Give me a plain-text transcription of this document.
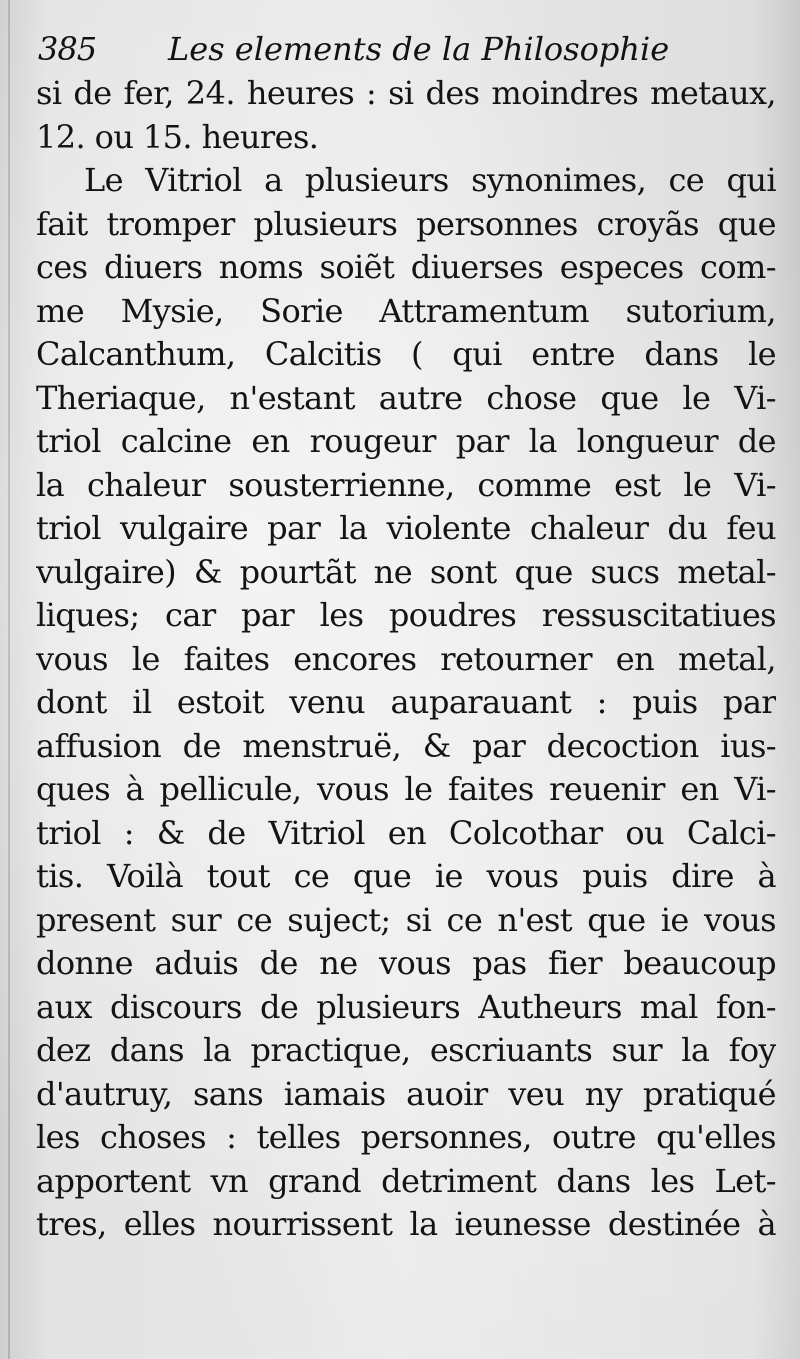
385 Les elements de la Philosophie
si de fer, 24. heures : si des moindres metaux,
12. ou 15. heures.
Le Vitriol a plusieurs synonimes, ce qui
fait tromper plusieurs personnes croyãs que
ces diuers noms soiẽt diuerses especes com-
me Mysie, Sorie Attramentum sutorium,
Calcanthum, Calcitis ( qui entre dans le
Theriaque, n'estant autre chose que le Vi-
triol calcine en rougeur par la longueur de
la chaleur sousterrienne, comme est le Vi-
triol vulgaire par la violente chaleur du feu
vulgaire) & pourtãt ne sont que sucs metal-
liques; car par les poudres ressuscitatiues
vous le faites encores retourner en metal,
dont il estoit venu auparauant : puis par
affusion de menstruë, & par decoction ius-
ques à pellicule, vous le faites reuenir en Vi-
triol : & de Vitriol en Colcothar ou Calci-
tis. Voilà tout ce que ie vous puis dire à
present sur ce suject; si ce n'est que ie vous
donne aduis de ne vous pas fier beaucoup
aux discours de plusieurs Autheurs mal fon-
dez dans la practique, escriuants sur la foy
d'autruy, sans iamais auoir veu ny pratiqué
les choses : telles personnes, outre qu'elles
apportent vn grand detriment dans les Let-
tres, elles nourrissent la ieunesse destinée à
